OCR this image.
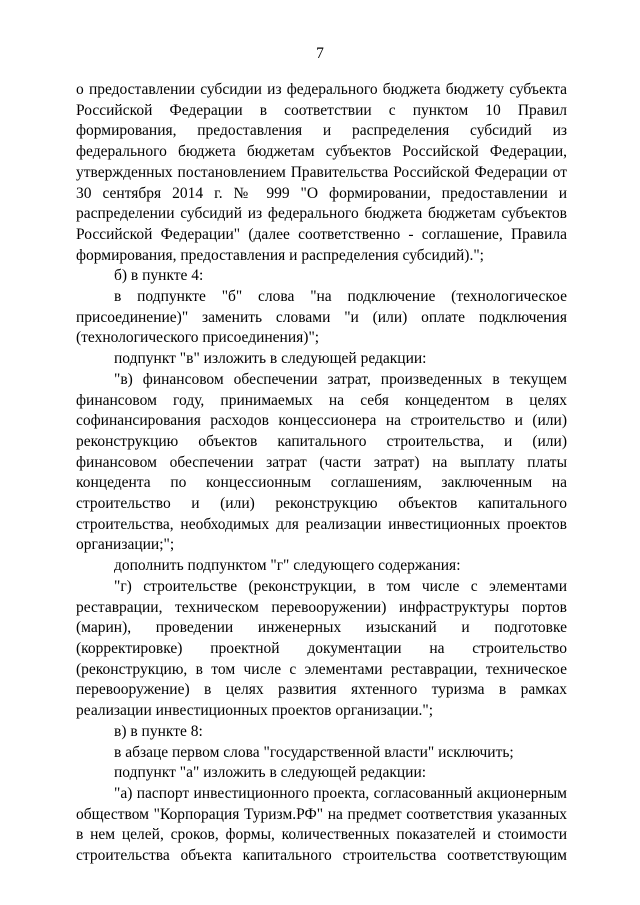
7

о предоставлении субсидии из федерального бюджета бюджету субъекта Российской Федерации в соответствии с пунктом 10 Правил формирования, предоставления и распределения субсидий из федерального бюджета бюджетам субъектов Российской Федерации, утвержденных постановлением Правительства Российской Федерации от 30 сентября 2014 г. № 999 "О формировании, предоставлении и распределении субсидий из федерального бюджета бюджетам субъектов Российской Федерации" (далее соответственно - соглашение, Правила формирования, предоставления и распределения субсидий).";

б) в пункте 4:

в подпункте "б" слова "на подключение (технологическое присоединение)" заменить словами "и (или) оплате подключения (технологического присоединения)";

подпункт "в" изложить в следующей редакции:

"в) финансовом обеспечении затрат, произведенных в текущем финансовом году, принимаемых на себя концедентом в целях софинансирования расходов концессионера на строительство и (или) реконструкцию объектов капитального строительства, и (или) финансовом обеспечении затрат (части затрат) на выплату платы концедента по концессионным соглашениям, заключенным на строительство и (или) реконструкцию объектов капитального строительства, необходимых для реализации инвестиционных проектов организации;";

дополнить подпунктом "г" следующего содержания:

"г) строительстве (реконструкции, в том числе с элементами реставрации, техническом перевооружении) инфраструктуры портов (марин), проведении инженерных изысканий и подготовке (корректировке) проектной документации на строительство (реконструкцию, в том числе с элементами реставрации, техническое перевооружение) в целях развития яхтенного туризма в рамках реализации инвестиционных проектов организации.";

в) в пункте 8:

в абзаце первом слова "государственной власти" исключить;

подпункт "а" изложить в следующей редакции:

"а) паспорт инвестиционного проекта, согласованный акционерным обществом "Корпорация Туризм.РФ" на предмет соответствия указанных в нем целей, сроков, формы, количественных показателей и стоимости строительства объекта капитального строительства соответствующим
